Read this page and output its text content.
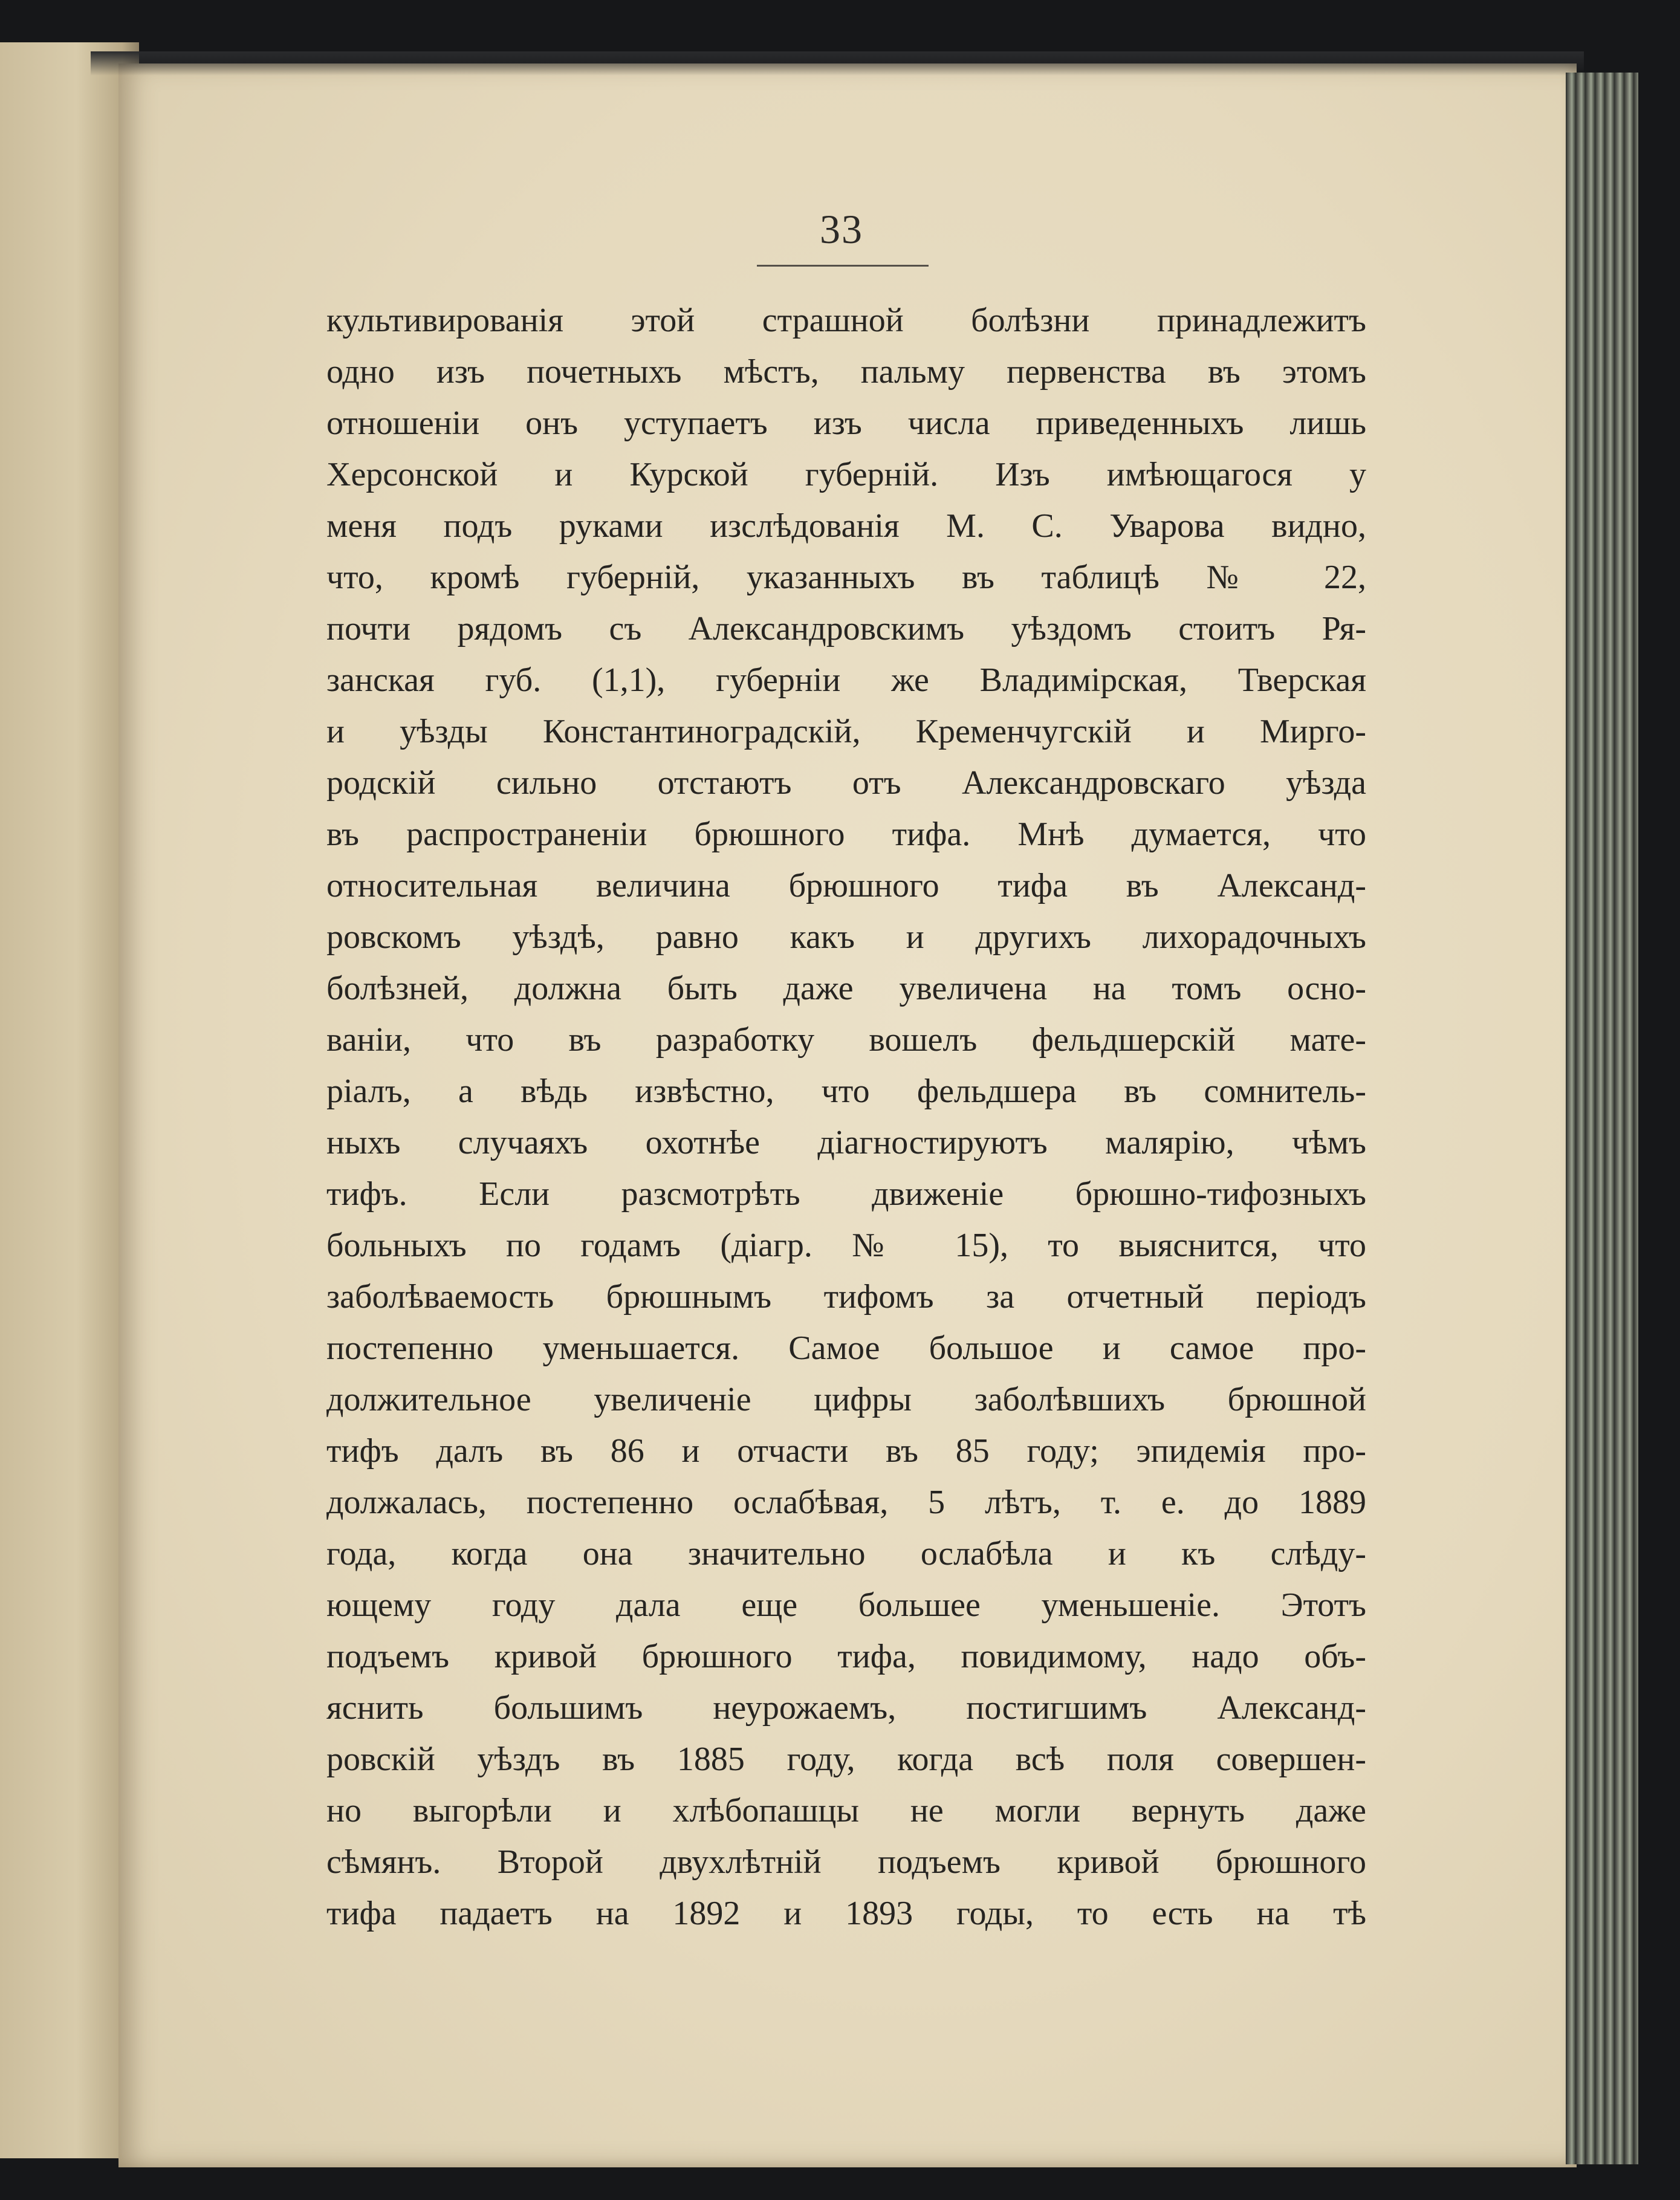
33
культивированія этой страшной болѣзни принадлежитъ
одно изъ почетныхъ мѣстъ, пальму первенства въ этомъ
отношеніи онъ уступаетъ изъ числа приведенныхъ лишь
Херсонской и Курской губерній. Изъ имѣющагося у
меня подъ руками изслѣдованія М. С. Уварова видно,
что, кромѣ губерній, указанныхъ въ таблицѣ № 22,
почти рядомъ съ Александровскимъ уѣздомъ стоитъ Ря-
занская губ. (1,1), губерніи же Владимірская, Тверская
и уѣзды Константиноградскій, Кременчугскій и Мирго-
родскій сильно отстаютъ отъ Александровскаго уѣзда
въ распространеніи брюшного тифа. Мнѣ думается, что
относительная величина брюшного тифа въ Александ-
ровскомъ уѣздѣ, равно какъ и другихъ лихорадочныхъ
болѣзней, должна быть даже увеличена на томъ осно-
ваніи, что въ разработку вошелъ фельдшерскій мате-
ріалъ, а вѣдь извѣстно, что фельдшера въ сомнитель-
ныхъ случаяхъ охотнѣе діагностируютъ малярію, чѣмъ
тифъ. Если разсмотрѣть движеніе брюшно-тифозныхъ
больныхъ по годамъ (діагр. № 15), то выяснится, что
заболѣваемость брюшнымъ тифомъ за отчетный періодъ
постепенно уменьшается. Самое большое и самое про-
должительное увеличеніе цифры заболѣвшихъ брюшной
тифъ далъ въ 86 и отчасти въ 85 году; эпидемія про-
должалась, постепенно ослабѣвая, 5 лѣтъ, т. е. до 1889
года, когда она значительно ослабѣла и къ слѣду-
ющему году дала еще большее уменьшеніе. Этотъ
подъемъ кривой брюшного тифа, повидимому, надо объ-
яснить большимъ неурожаемъ, постигшимъ Александ-
ровскій уѣздъ въ 1885 году, когда всѣ поля совершен-
но выгорѣли и хлѣбопашцы не могли вернуть даже
сѣмянъ. Второй двухлѣтній подъемъ кривой брюшного
тифа падаетъ на 1892 и 1893 годы, то есть на тѣ
